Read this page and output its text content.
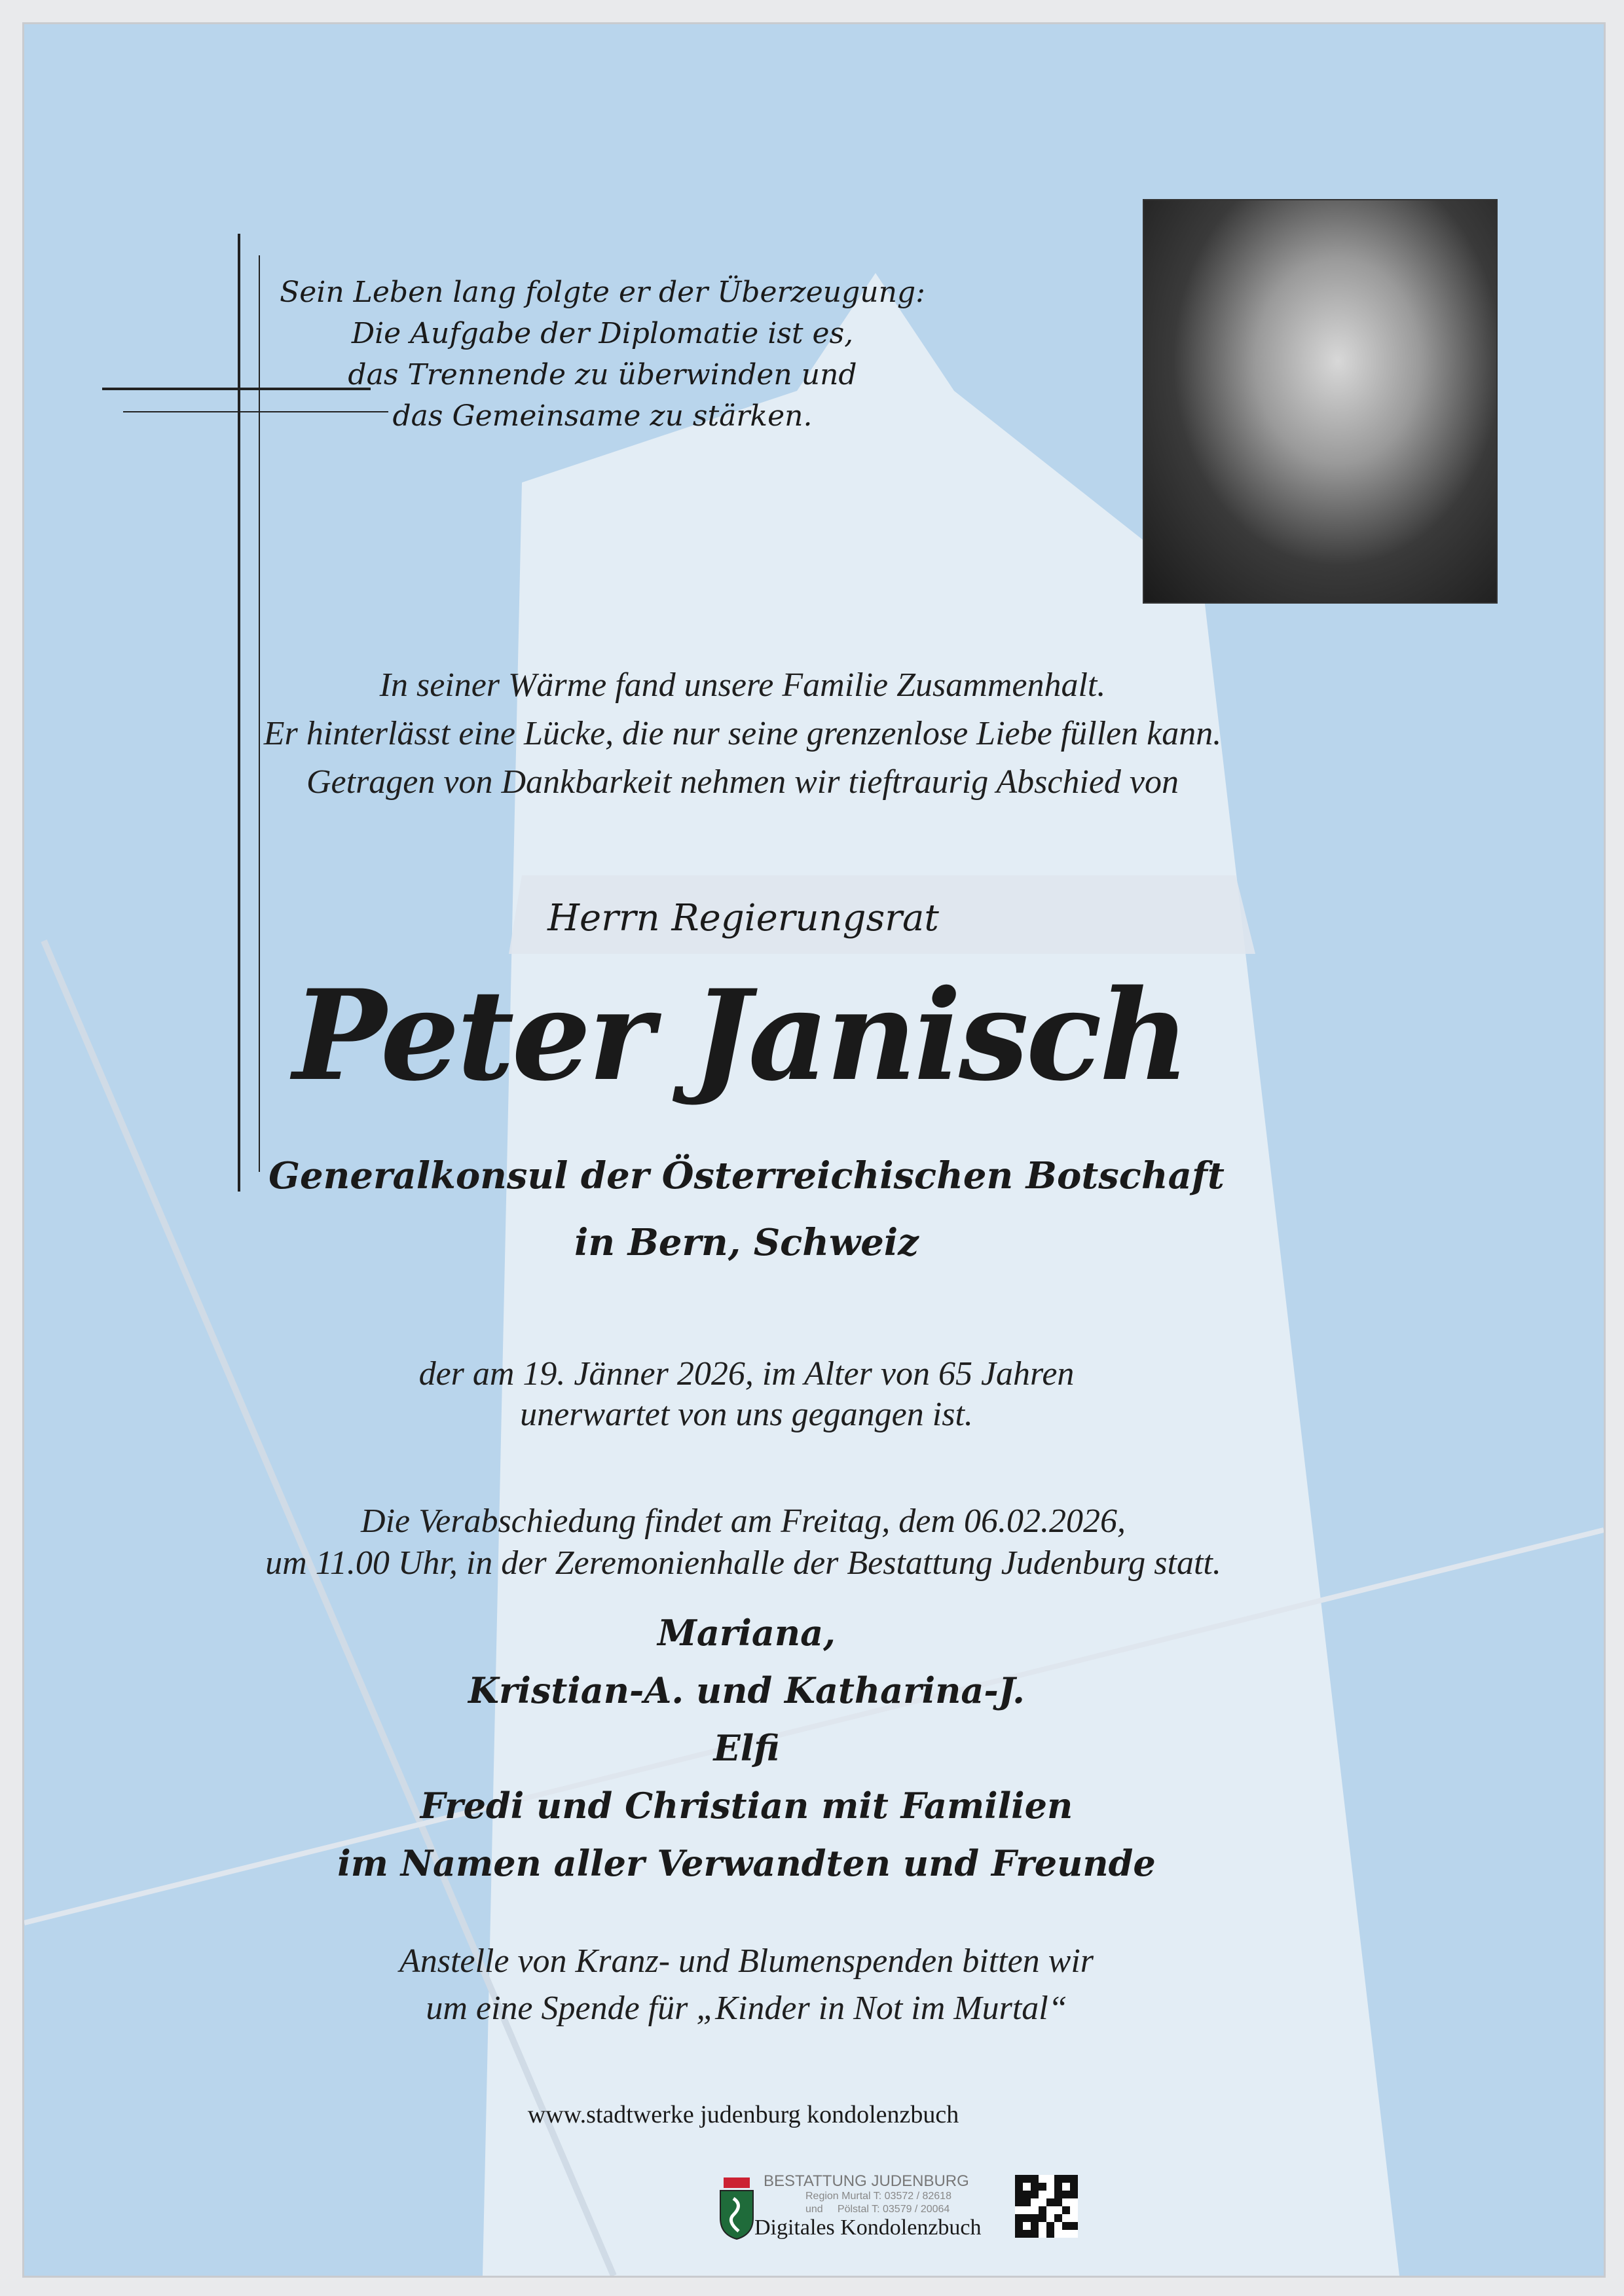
Sein Leben lang folgte er der Überzeugung:
Die Aufgabe der Diplomatie ist es,
das Trennende zu überwinden und
das Gemeinsame zu stärken.
In seiner Wärme fand unsere Familie Zusammenhalt.
Er hinterlässt eine Lücke, die nur seine grenzenlose Liebe füllen kann.
Getragen von Dankbarkeit nehmen wir tieftraurig Abschied von
Herrn Regierungsrat
Peter Janisch
Generalkonsul der Österreichischen Botschaft
in Bern, Schweiz
der am 19. Jänner 2026, im Alter von 65 Jahren
unerwartet von uns gegangen ist.
Die Verabschiedung findet am Freitag, dem 06.02.2026,
um 11.00 Uhr, in der Zeremonienhalle der Bestattung Judenburg statt.
Mariana,
Kristian-A. und Katharina-J.
Elfi
Fredi und Christian mit Familien
im Namen aller Verwandten und Freunde
Anstelle von Kranz- und Blumenspenden bitten wir
um eine Spende für „Kinder in Not im Murtal“
www.stadtwerke judenburg kondolenzbuch
BESTATTUNG JUDENBURG
Region Murtal T: 03572 / 82618
und     Pölstal T: 03579 / 20064
Digitales Kondolenzbuch
